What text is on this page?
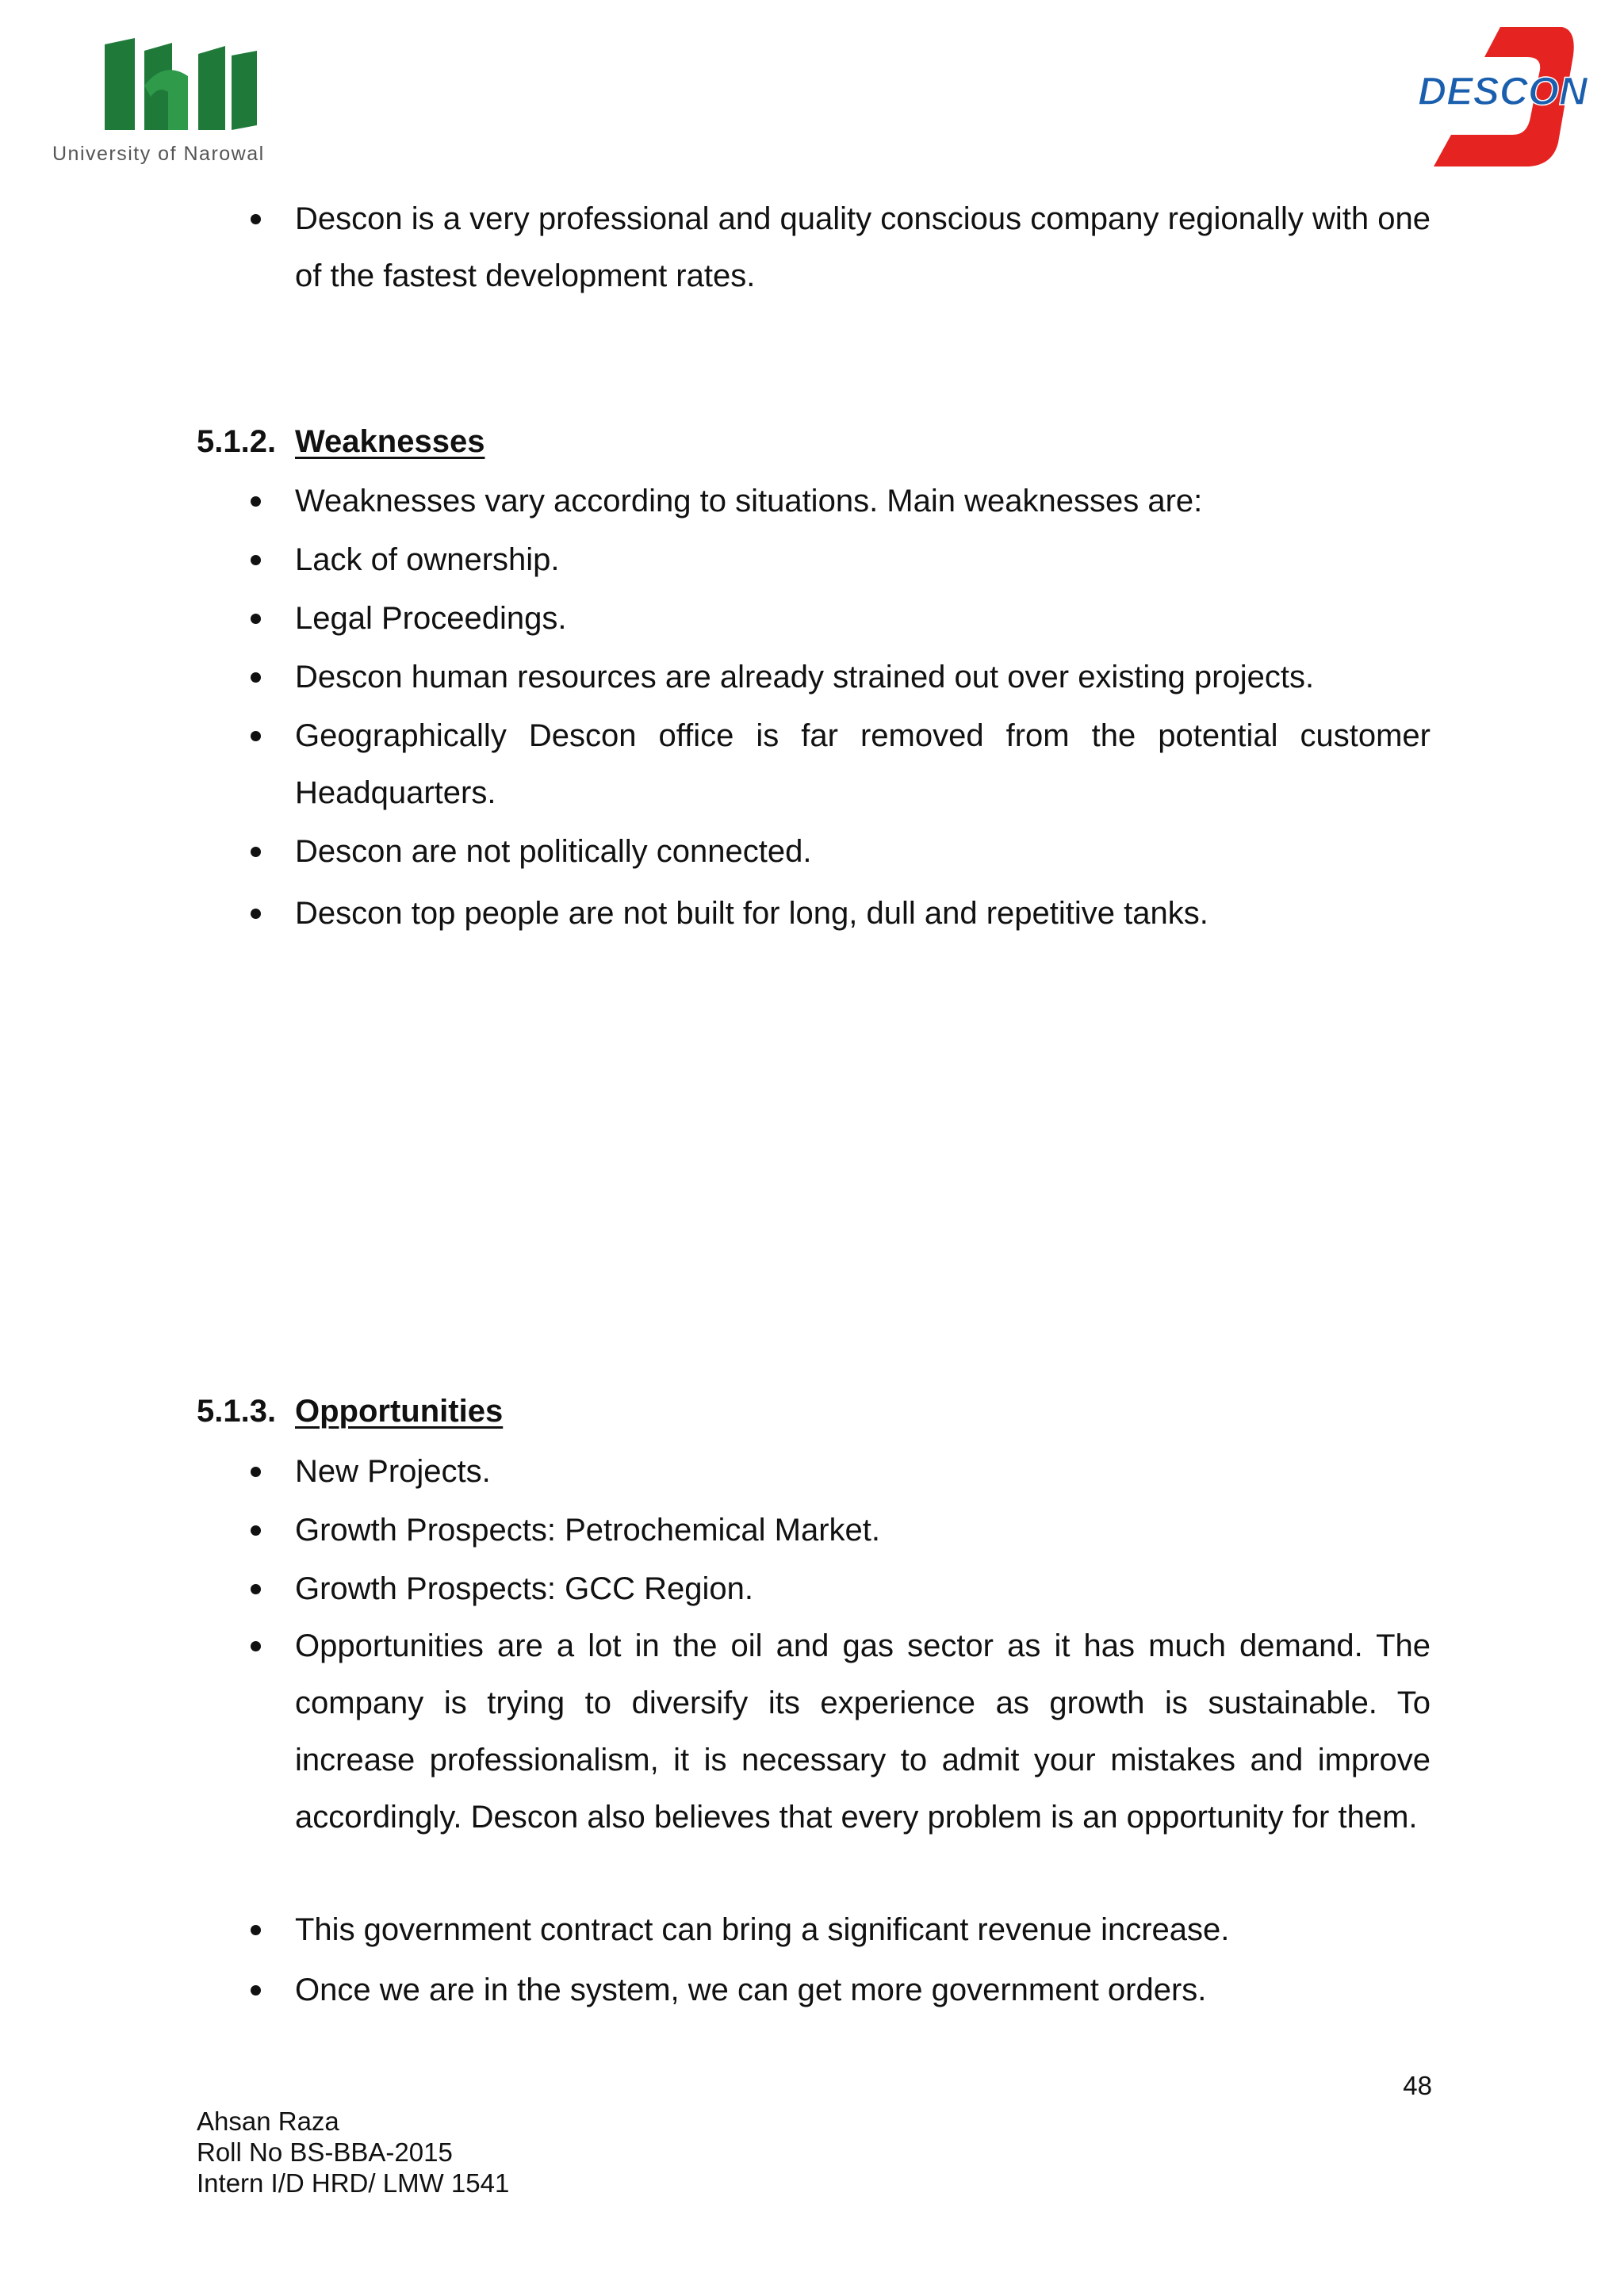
University of Narowal
DESCON
Descon is a very professional and quality conscious company regionally with one of the fastest development rates.
5.1.2. Weaknesses
Weaknesses vary according to situations. Main weaknesses are:
Lack of ownership.
Legal Proceedings.
Descon human resources are already strained out over existing projects.
Geographically Descon office is far removed from the potential customer Headquarters.
Descon are not politically connected.
Descon top people are not built for long, dull and repetitive tanks.
5.1.3. Opportunities
New Projects.
Growth Prospects: Petrochemical Market.
Growth Prospects: GCC Region.
Opportunities are a lot in the oil and gas sector as it has much demand. The company is trying to diversify its experience as growth is sustainable. To increase professionalism, it is necessary to admit your mistakes and improve accordingly. Descon also believes that every problem is an opportunity for them.
This government contract can bring a significant revenue increase.
Once we are in the system, we can get more government orders.
48
Ahsan Raza
Roll No BS-BBA-2015
Intern I/D HRD/ LMW 1541
